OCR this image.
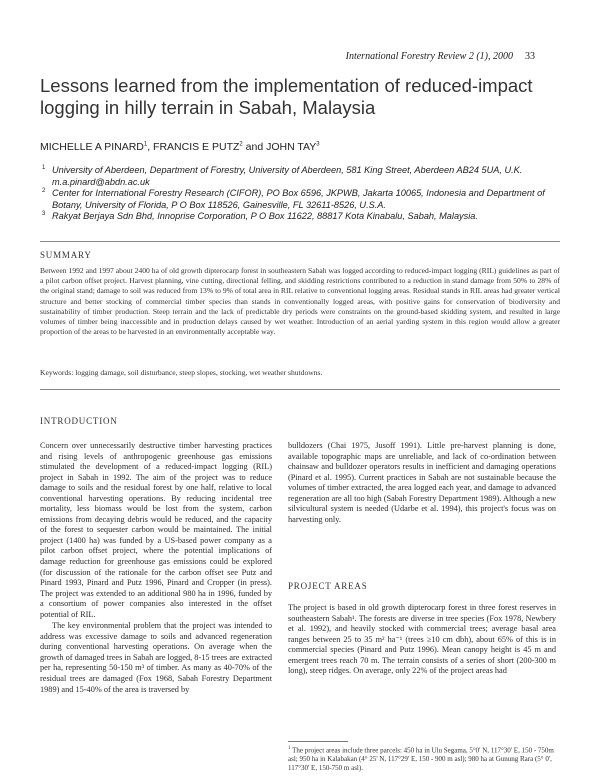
International Forestry Review 2 (1), 2000 33
Lessons learned from the implementation of reduced-impact logging in hilly terrain in Sabah, Malaysia
MICHELLE A PINARD$^1$, FRANCIS E PUTZ$^2$ and JOHN TAY$^3$
1 University of Aberdeen, Department of Forestry, University of Aberdeen, 581 King Street, Aberdeen AB24 5UA, U.K. m.a.pinard@abdn.ac.uk
2 Center for International Forestry Research (CIFOR), PO Box 6596, JKPWB, Jakarta 10065, Indonesia and Department of Botany, University of Florida, P O Box 118526, Gainesville, FL 32611-8526, U.S.A.
3 Rakyat Berjaya Sdn Bhd, Innoprise Corporation, P O Box 11622, 88817 Kota Kinabalu, Sabah, Malaysia.
SUMMARY

Between 1992 and 1997 about 2400 ha of old growth dipterocarp forest in southeastern Sabah was logged according to reduced-impact logging (RIL) guidelines as part of a pilot carbon offset project. Harvest planning, vine cutting, directional felling, and skidding restrictions contributed to a reduction in stand damage from 50% to 28% of the original stand; damage to soil was reduced from 13% to 9% of total area in RIL relative to conventional logging areas. Residual stands in RIL areas had greater vertical structure and better stocking of commercial timber species than stands in conventionally logged areas, with positive gains for conservation of biodiversity and sustainability of timber production. Steep terrain and the lack of predictable dry periods were constraints on the ground-based skidding system, and resulted in large volumes of timber being inaccessible and in production delays caused by wet weather. Introduction of an aerial yarding system in this region would allow a greater proportion of the areas to be harvested in an environmentally acceptable way.

Keywords: logging damage, soil disturbance, steep slopes, stocking, wet weather shutdowns.
INTRODUCTION

Concern over unnecessarily destructive timber harvesting practices and rising levels of anthropogenic greenhouse gas emissions stimulated the development of a reduced-impact logging (RIL) project in Sabah in 1992. The aim of the project was to reduce damage to soils and the residual forest by one half, relative to local conventional harvesting operations. By reducing incidental tree mortality, less biomass would be lost from the system, carbon emissions from decaying debris would be reduced, and the capacity of the forest to sequester carbon would be maintained. The initial project (1400 ha) was funded by a US-based power company as a pilot carbon offset project, where the potential implications of damage reduction for greenhouse gas emissions could be explored (for discussion of the rationale for the carbon offset see Putz and Pinard 1993, Pinard and Putz 1996, Pinard and Cropper (in press). The project was extended to an additional 980 ha in 1996, funded by a consortium of power companies also interested in the offset potential of RIL.

The key environmental problem that the project was intended to address was excessive damage to soils and advanced regeneration during conventional harvesting operations. On average when the growth of damaged trees in Sabah are logged, 8-15 trees are extracted per ha, representing 50-150 m³ of timber. As many as 40-70% of the residual trees are damaged (Fox 1968, Sabah Forestry Department 1989) and 15-40% of the area is traversed by

bulldozers (Chai 1975, Jusoff 1991). Little pre-harvest planning is done, available topographic maps are unreliable, and lack of co-ordination between chainsaw and bulldozer operators results in inefficient and damaging operations (Pinard et al. 1995). Current practices in Sabah are not sustainable because the volumes of timber extracted, the area logged each year, and damage to advanced regeneration are all too high (Sabah Forestry Department 1989). Although a new silvicultural system is needed (Udarbe et al. 1994), this project's focus was on harvesting only.

PROJECT AREAS

The project is based in old growth dipterocarp forest in three forest reserves in southeastern Sabah¹. The forests are diverse in tree species (Fox 1978, Newbery et al. 1992), and heavily stocked with commercial trees; average basal area ranges between 25 to 35 m² ha⁻¹ (trees ≥10 cm dbh), about 65% of this is in commercial species (Pinard and Putz 1996). Mean canopy height is 45 m and emergent trees reach 70 m. The terrain consists of a series of short (200-300 m long), steep ridges. On average, only 22% of the project areas had

$^1$ The project areas include three parcels: 450 ha in Ulu Segama, 5°0' N, 117°30' E, 150 - 750m asl; 950 ha in Kalabakan (4° 25' N, 117°29' E, 150 - 900 m asl); 980 ha at Gunung Rara (5° 0', 117°30' E, 150-750 m asl).
